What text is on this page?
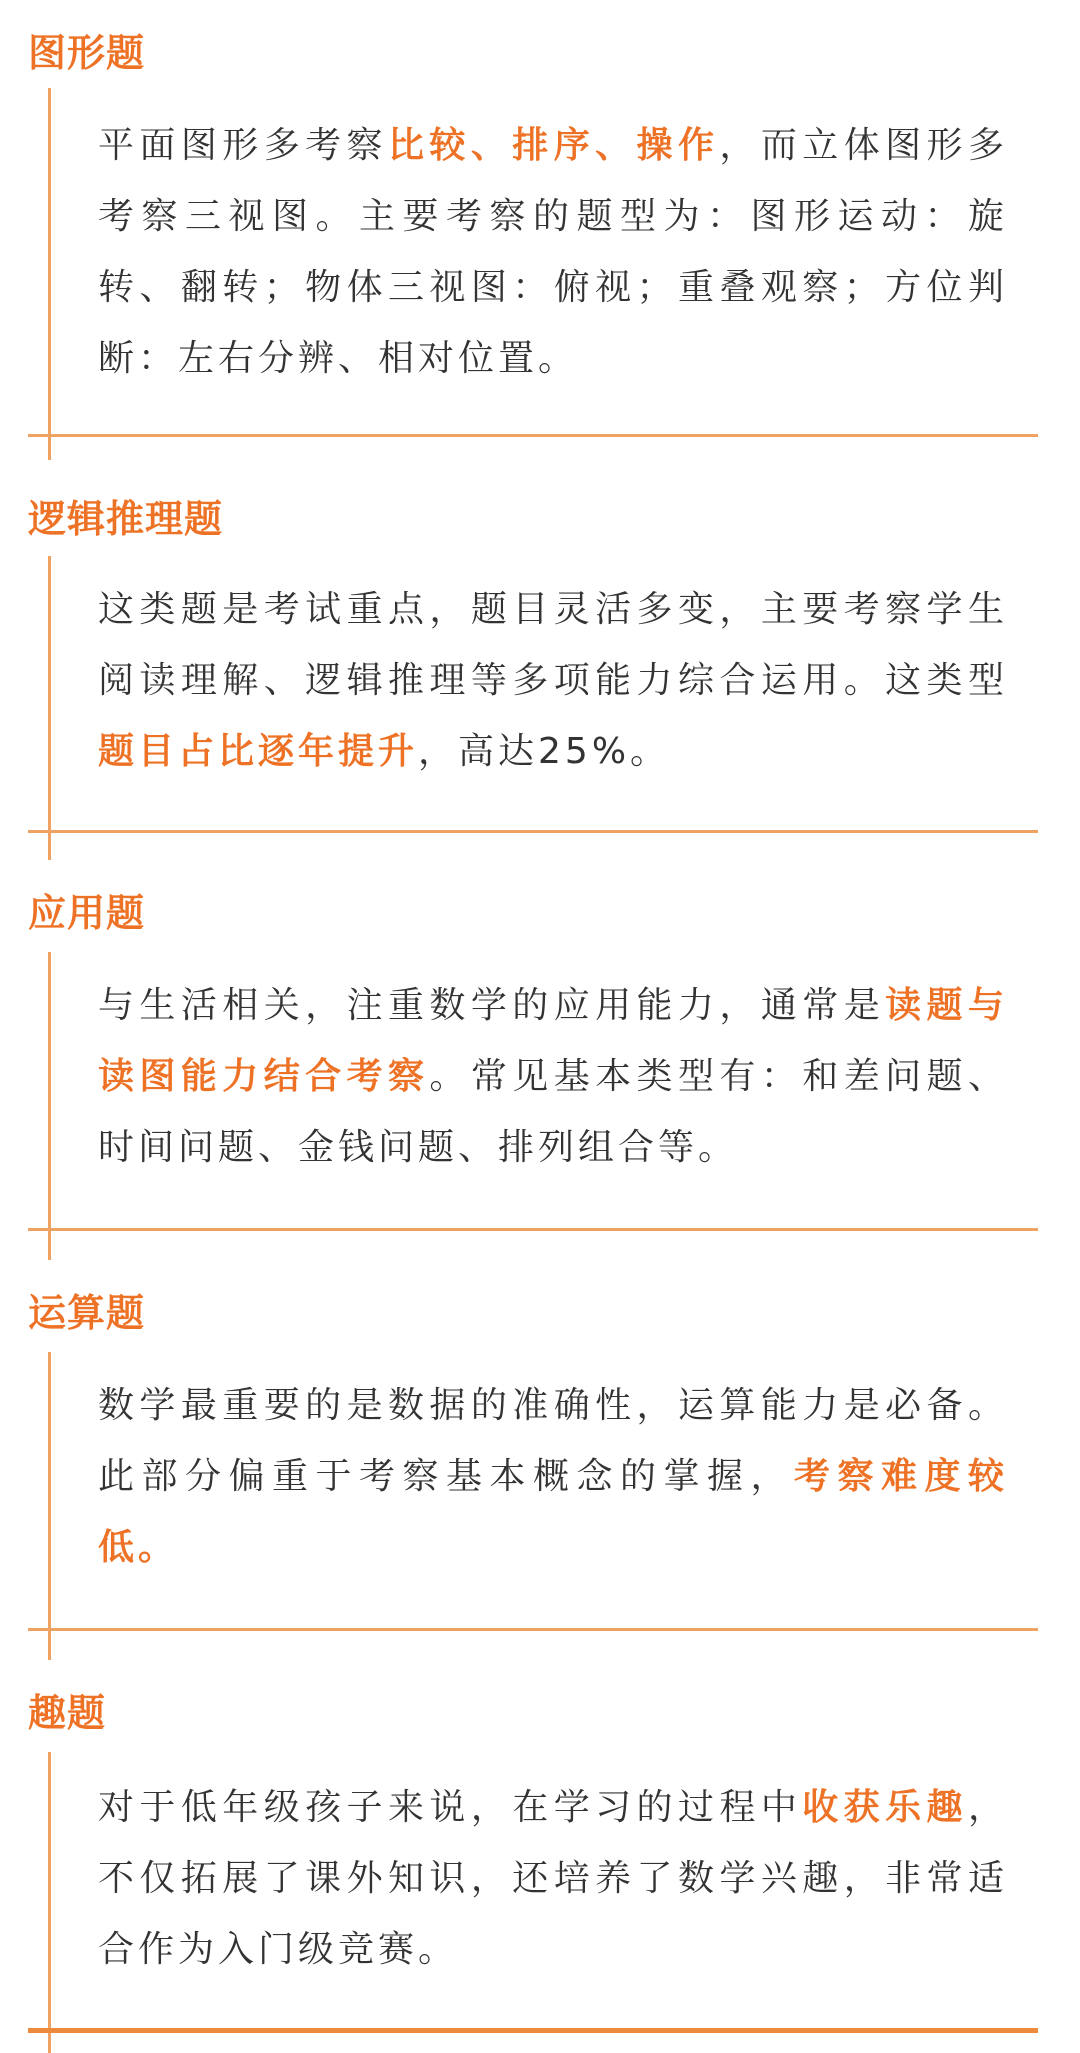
图形题

平面图形多考察比较、排序、操作，而立体图形多考察三视图。主要考察的题型为：图形运动：旋转、翻转；物体三视图：俯视；重叠观察；方位判断：左右分辨、相对位置。

逻辑推理题

这类题是考试重点，题目灵活多变，主要考察学生阅读理解、逻辑推理等多项能力综合运用。这类型题目占比逐年提升，高达25%。

应用题

与生活相关，注重数学的应用能力，通常是读题与读图能力结合考察。常见基本类型有：和差问题、时间问题、金钱问题、排列组合等。

运算题

数学最重要的是数据的准确性，运算能力是必备。此部分偏重于考察基本概念的掌握，考察难度较低。

趣题

对于低年级孩子来说，在学习的过程中收获乐趣，不仅拓展了课外知识，还培养了数学兴趣，非常适合作为入门级竞赛。
